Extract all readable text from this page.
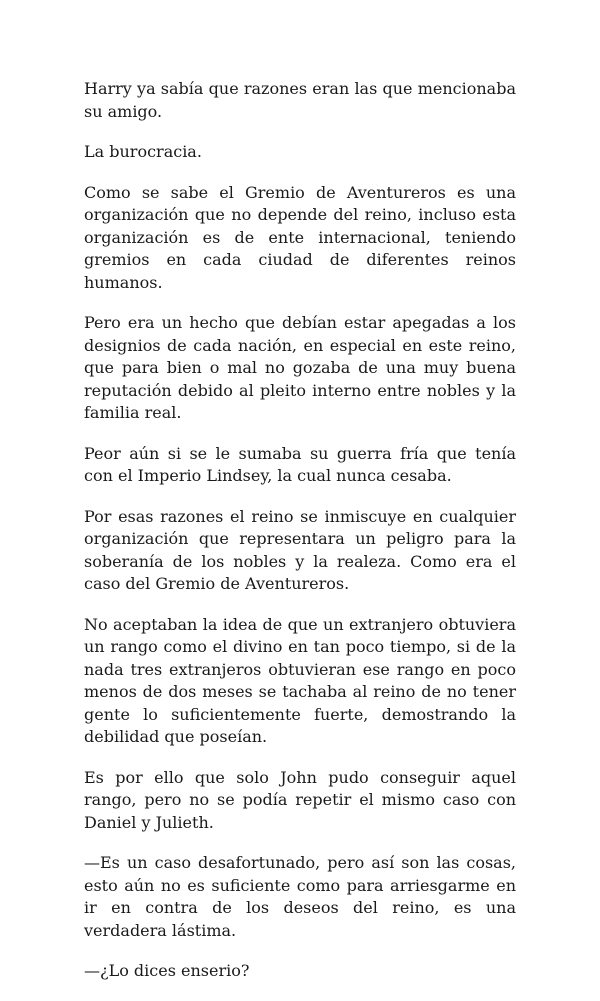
Harry ya sabía que razones eran las que mencionaba su amigo.

La burocracia.

Como se sabe el Gremio de Aventureros es una organización que no depende del reino, incluso esta organización es de ente internacional, teniendo gremios en cada ciudad de diferentes reinos humanos.

Pero era un hecho que debían estar apegadas a los designios de cada nación, en especial en este reino, que para bien o mal no gozaba de una muy buena reputación debido al pleito interno entre nobles y la familia real.

Peor aún si se le sumaba su guerra fría que tenía con el Imperio Lindsey, la cual nunca cesaba.

Por esas razones el reino se inmiscuye en cualquier organización que representara un peligro para la soberanía de los nobles y la realeza. Como era el caso del Gremio de Aventureros.

No aceptaban la idea de que un extranjero obtuviera un rango como el divino en tan poco tiempo, si de la nada tres extranjeros obtuvieran ese rango en poco menos de dos meses se tachaba al reino de no tener gente lo suficientemente fuerte, demostrando la debilidad que poseían.

Es por ello que solo John pudo conseguir aquel rango, pero no se podía repetir el mismo caso con Daniel y Julieth.

—Es un caso desafortunado, pero así son las cosas, esto aún no es suficiente como para arriesgarme en ir en contra de los deseos del reino, es una verdadera lástima.

—¿Lo dices enserio?
